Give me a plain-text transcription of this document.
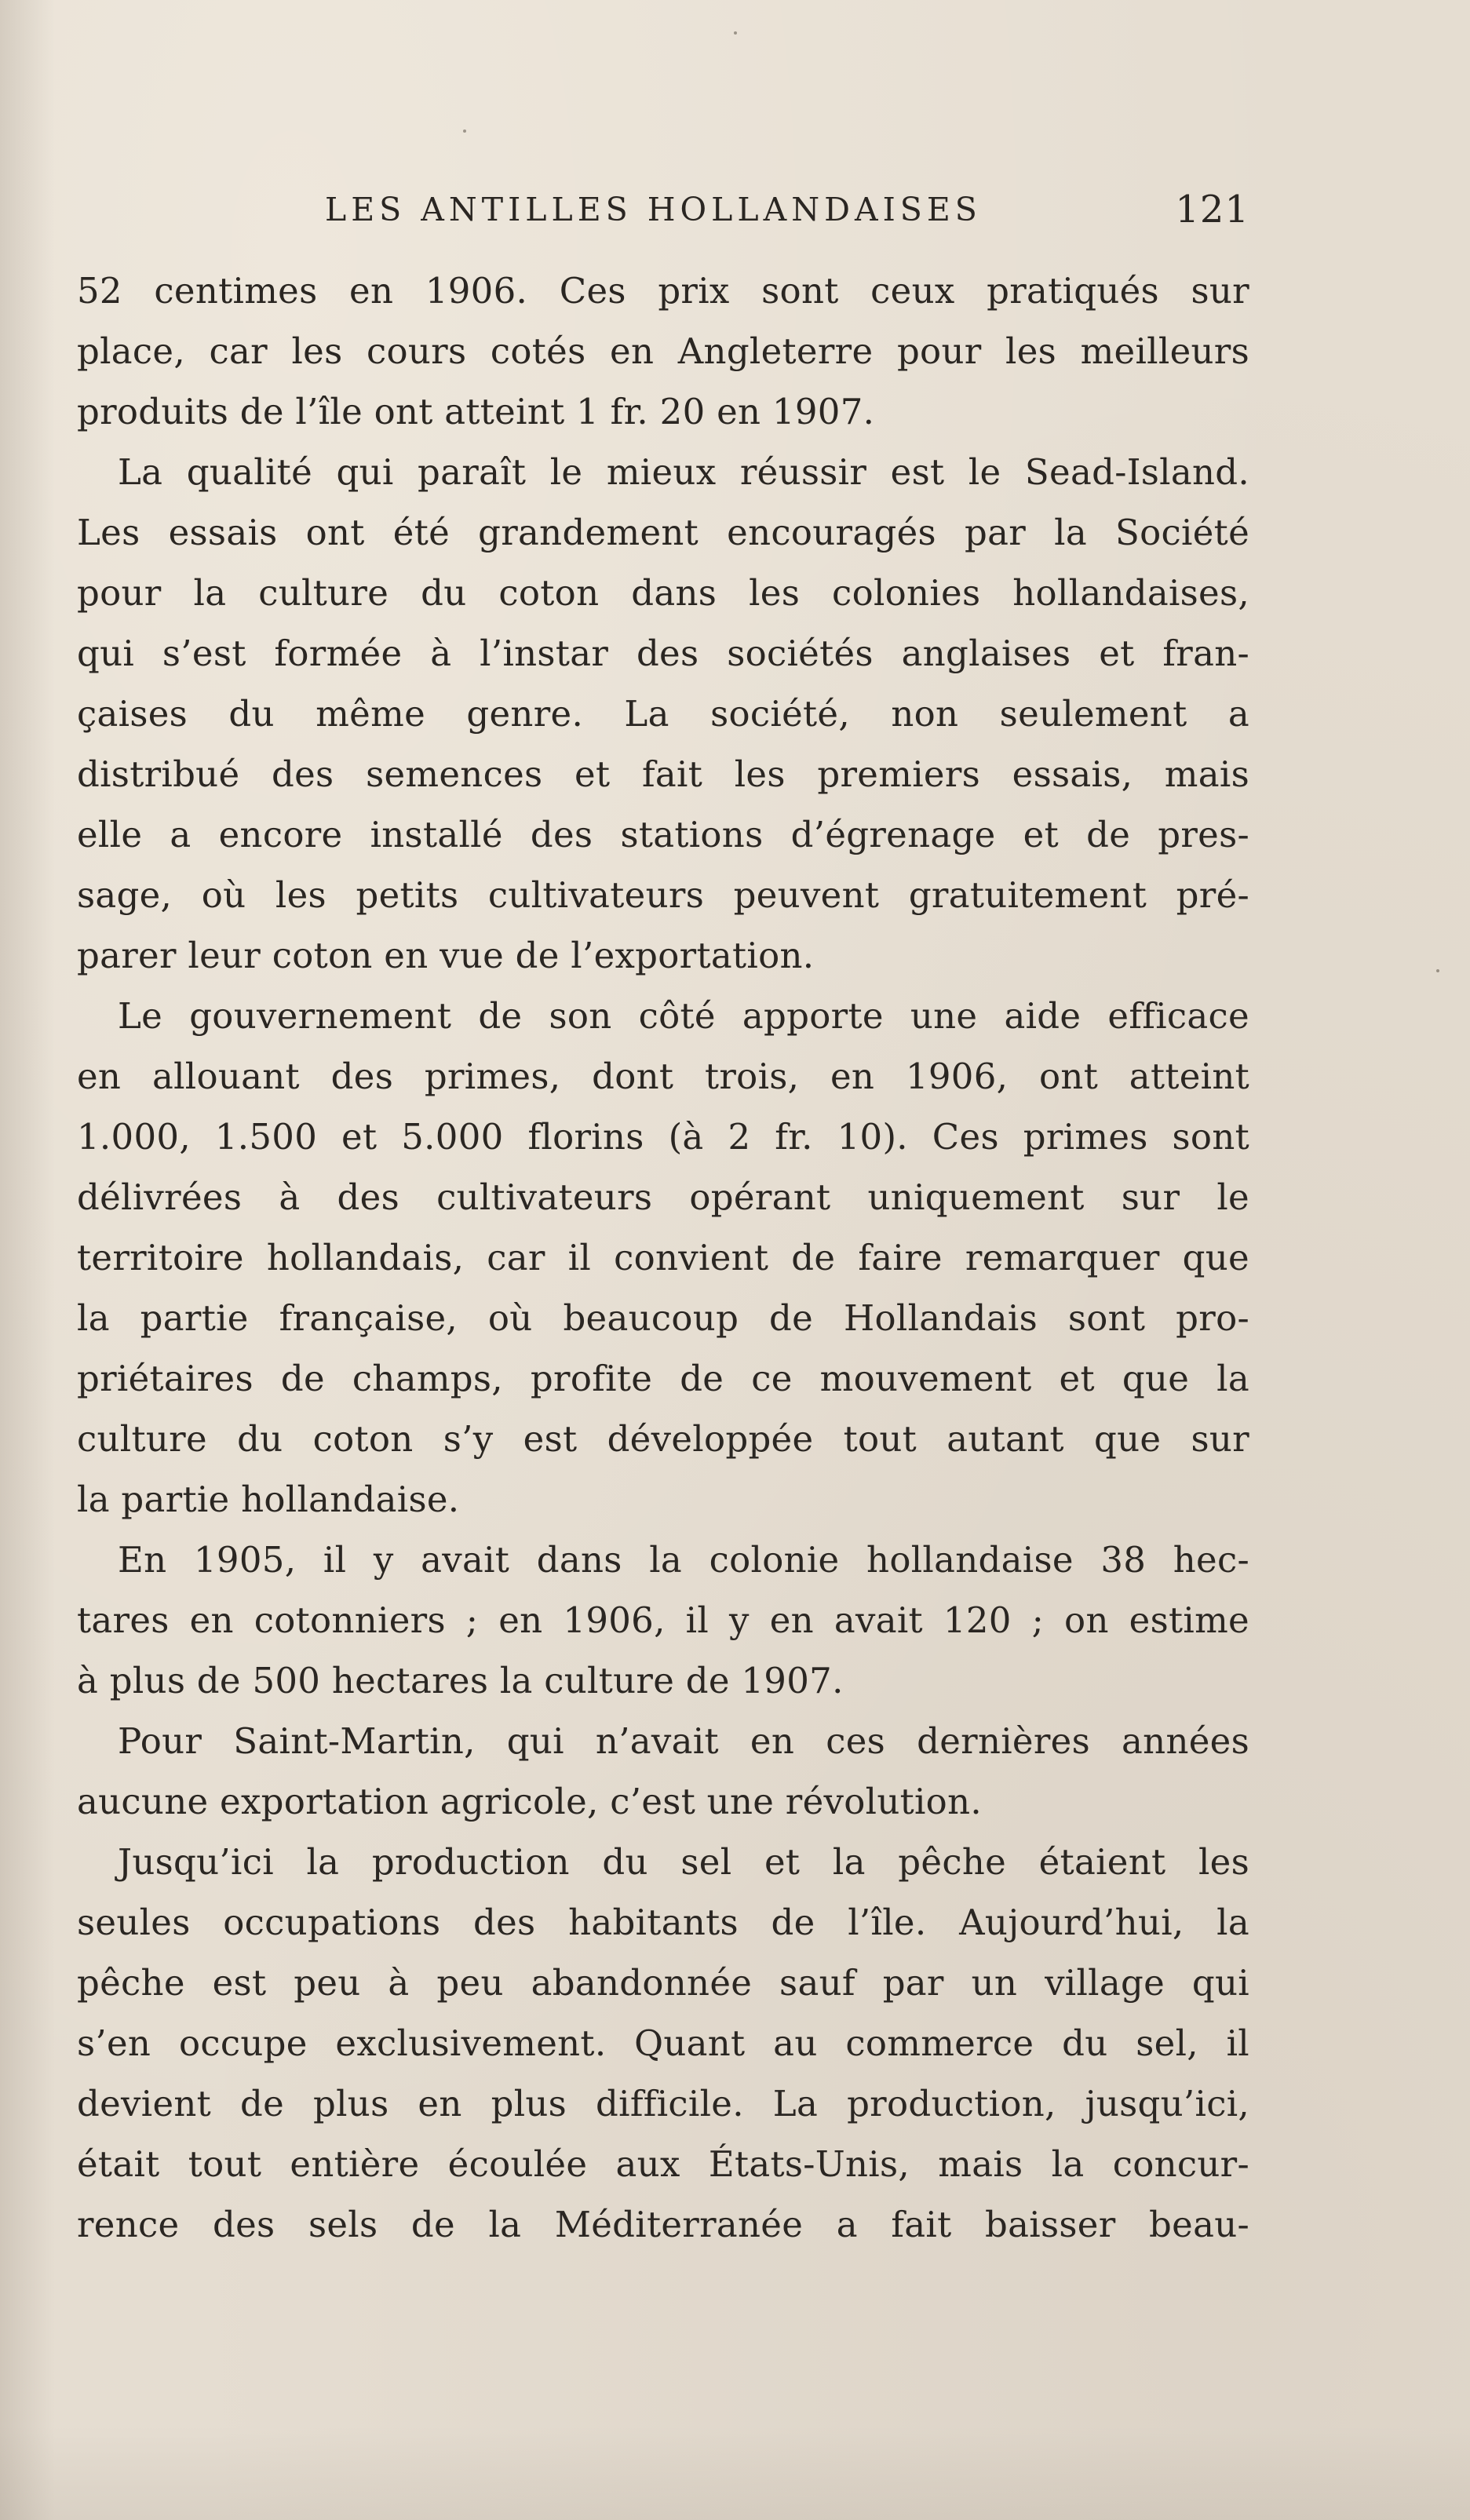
LES ANTILLES HOLLANDAISES	121

52 centimes en 1906. Ces prix sont ceux pratiqués sur

place, car les cours cotés en Angleterre pour les meilleurs

produits de l’île ont atteint 1 fr. 20 en 1907.

La qualité qui paraît le mieux réussir est le Sead-Island.

Les essais ont été grandement encouragés par la Société

pour la culture du coton dans les colonies hollandaises,

qui s’est formée à l’instar des sociétés anglaises et fran-

çaises du même genre. La société, non seulement a

distribué des semences et fait les premiers essais, mais

elle a encore installé des stations d’égrenage et de pres-

sage, où les petits cultivateurs peuvent gratuitement pré-

parer leur coton en vue de l’exportation.

Le gouvernement de son côté apporte une aide efficace

en allouant des primes, dont trois, en 1906, ont atteint

1.000, 1.500 et 5.000 florins (à 2 fr. 10). Ces primes sont

délivrées à des cultivateurs opérant uniquement sur le

territoire hollandais, car il convient de faire remarquer que

la partie française, où beaucoup de Hollandais sont pro-

priétaires de champs, profite de ce mouvement et que la

culture du coton s’y est développée tout autant que sur

la partie hollandaise.

En 1905, il y avait dans la colonie hollandaise 38 hec-

tares en cotonniers ; en 1906, il y en avait 120 ; on estime

à plus de 500 hectares la culture de 1907.

Pour Saint-Martin, qui n’avait en ces dernières années

aucune exportation agricole, c’est une révolution.

Jusqu’ici la production du sel et la pêche étaient les

seules occupations des habitants de l’île. Aujourd’hui, la

pêche est peu à peu abandonnée sauf par un village qui

s’en occupe exclusivement. Quant au commerce du sel, il

devient de plus en plus difficile. La production, jusqu’ici,

était tout entière écoulée aux États-Unis, mais la concur-

rence des sels de la Méditerranée a fait baisser beau-
